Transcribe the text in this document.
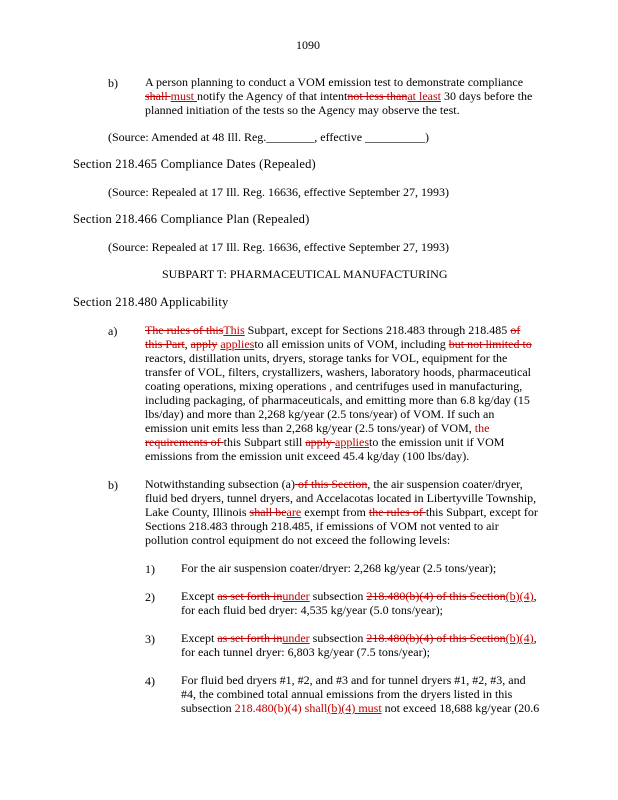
1090
b) A person planning to conduct a VOM emission test to demonstrate compliance
shall must notify the Agency of that intentnot less thanat least 30 days before the
planned initiation of the tests so the Agency may observe the test.
(Source: Amended at 48 Ill. Reg.________, effective __________)
Section 218.465 Compliance Dates (Repealed)
(Source: Repealed at 17 Ill. Reg. 16636, effective September 27, 1993)
Section 218.466 Compliance Plan (Repealed)
(Source: Repealed at 17 Ill. Reg. 16636, effective September 27, 1993)
SUBPART T: PHARMACEUTICAL MANUFACTURING
Section 218.480 Applicability
a) The rules of thisThis Subpart, except for Sections 218.483 through 218.485 of
this Part, apply appliesto all emission units of VOM, including but not limited to
reactors, distillation units, dryers, storage tanks for VOL, equipment for the
transfer of VOL, filters, crystallizers, washers, laboratory hoods, pharmaceutical
coating operations, mixing operations , and centrifuges used in manufacturing,
including packaging, of pharmaceuticals, and emitting more than 6.8 kg/day (15
lbs/day) and more than 2,268 kg/year (2.5 tons/year) of VOM. If such an
emission unit emits less than 2,268 kg/year (2.5 tons/year) of VOM, the
requirements of this Subpart still apply appliesto the emission unit if VOM
emissions from the emission unit exceed 45.4 kg/day (100 lbs/day).
b) Notwithstanding subsection (a) of this Section, the air suspension coater/dryer,
fluid bed dryers, tunnel dryers, and Accelacotas located in Libertyville Township,
Lake County, Illinois shall beare exempt from the rules of this Subpart, except for
Sections 218.483 through 218.485, if emissions of VOM not vented to air
pollution control equipment do not exceed the following levels:
1) For the air suspension coater/dryer: 2,268 kg/year (2.5 tons/year);
2) Except as set forth inunder subsection 218.480(b)(4) of this Section(b)(4),
for each fluid bed dryer: 4,535 kg/year (5.0 tons/year);
3) Except as set forth inunder subsection 218.480(b)(4) of this Section(b)(4),
for each tunnel dryer: 6,803 kg/year (7.5 tons/year);
4) For fluid bed dryers #1, #2, and #3 and for tunnel dryers #1, #2, #3, and
#4, the combined total annual emissions from the dryers listed in this
subsection 218.480(b)(4) shall(b)(4) must not exceed 18,688 kg/year (20.6
